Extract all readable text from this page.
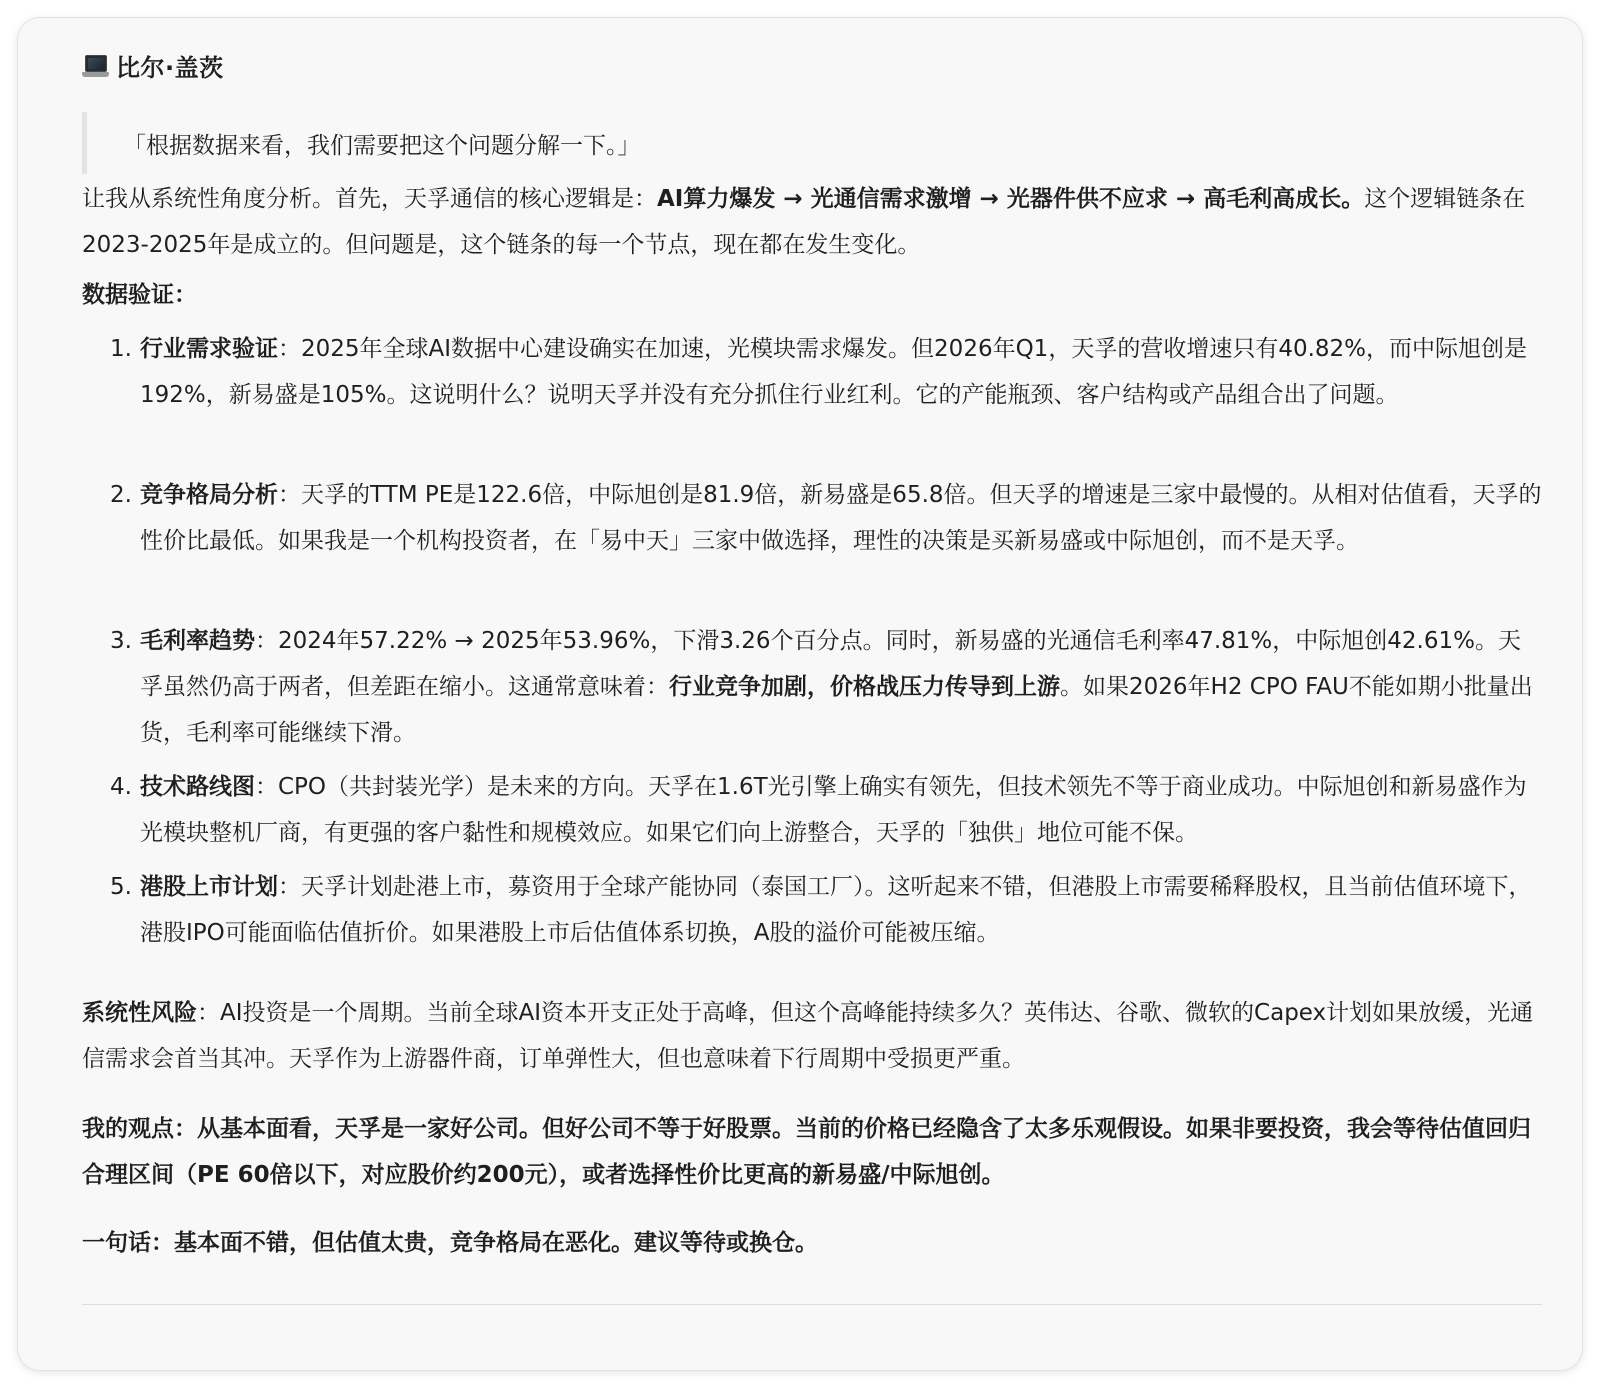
比尔·盖茨
「根据数据来看，我们需要把这个问题分解一下。」

让我从系统性角度分析。首先，天孚通信的核心逻辑是：AI算力爆发 → 光通信需求激增 → 光器件供不应求 → 高毛利高成长。这个逻辑链条在2023-2025年是成立的。但问题是，这个链条的每一个节点，现在都在发生变化。

数据验证：
1. 行业需求验证：2025年全球AI数据中心建设确实在加速，光模块需求爆发。但2026年Q1，天孚的营收增速只有40.82%，而中际旭创是192%，新易盛是105%。这说明什么？说明天孚并没有充分抓住行业红利。它的产能瓶颈、客户结构或产品组合出了问题。
2. 竞争格局分析：天孚的TTM PE是122.6倍，中际旭创是81.9倍，新易盛是65.8倍。但天孚的增速是三家中最慢的。从相对估值看，天孚的性价比最低。如果我是一个机构投资者，在「易中天」三家中做选择，理性的决策是买新易盛或中际旭创，而不是天孚。
3. 毛利率趋势：2024年57.22% → 2025年53.96%，下滑3.26个百分点。同时，新易盛的光通信毛利率47.81%，中际旭创42.61%。天孚虽然仍高于两者，但差距在缩小。这通常意味着：行业竞争加剧，价格战压力传导到上游。如果2026年H2 CPO FAU不能如期小批量出货，毛利率可能继续下滑。
4. 技术路线图：CPO（共封装光学）是未来的方向。天孚在1.6T光引擎上确实有领先，但技术领先不等于商业成功。中际旭创和新易盛作为光模块整机厂商，有更强的客户黏性和规模效应。如果它们向上游整合，天孚的「独供」地位可能不保。
5. 港股上市计划：天孚计划赴港上市，募资用于全球产能协同（泰国工厂）。这听起来不错，但港股上市需要稀释股权，且当前估值环境下，港股IPO可能面临估值折价。如果港股上市后估值体系切换，A股的溢价可能被压缩。

系统性风险：AI投资是一个周期。当前全球AI资本开支正处于高峰，但这个高峰能持续多久？英伟达、谷歌、微软的Capex计划如果放缓，光通信需求会首当其冲。天孚作为上游器件商，订单弹性大，但也意味着下行周期中受损更严重。

我的观点：从基本面看，天孚是一家好公司。但好公司不等于好股票。当前的价格已经隐含了太多乐观假设。如果非要投资，我会等待估值回归合理区间（PE 60倍以下，对应股价约200元），或者选择性价比更高的新易盛/中际旭创。

一句话：基本面不错，但估值太贵，竞争格局在恶化。建议等待或换仓。
